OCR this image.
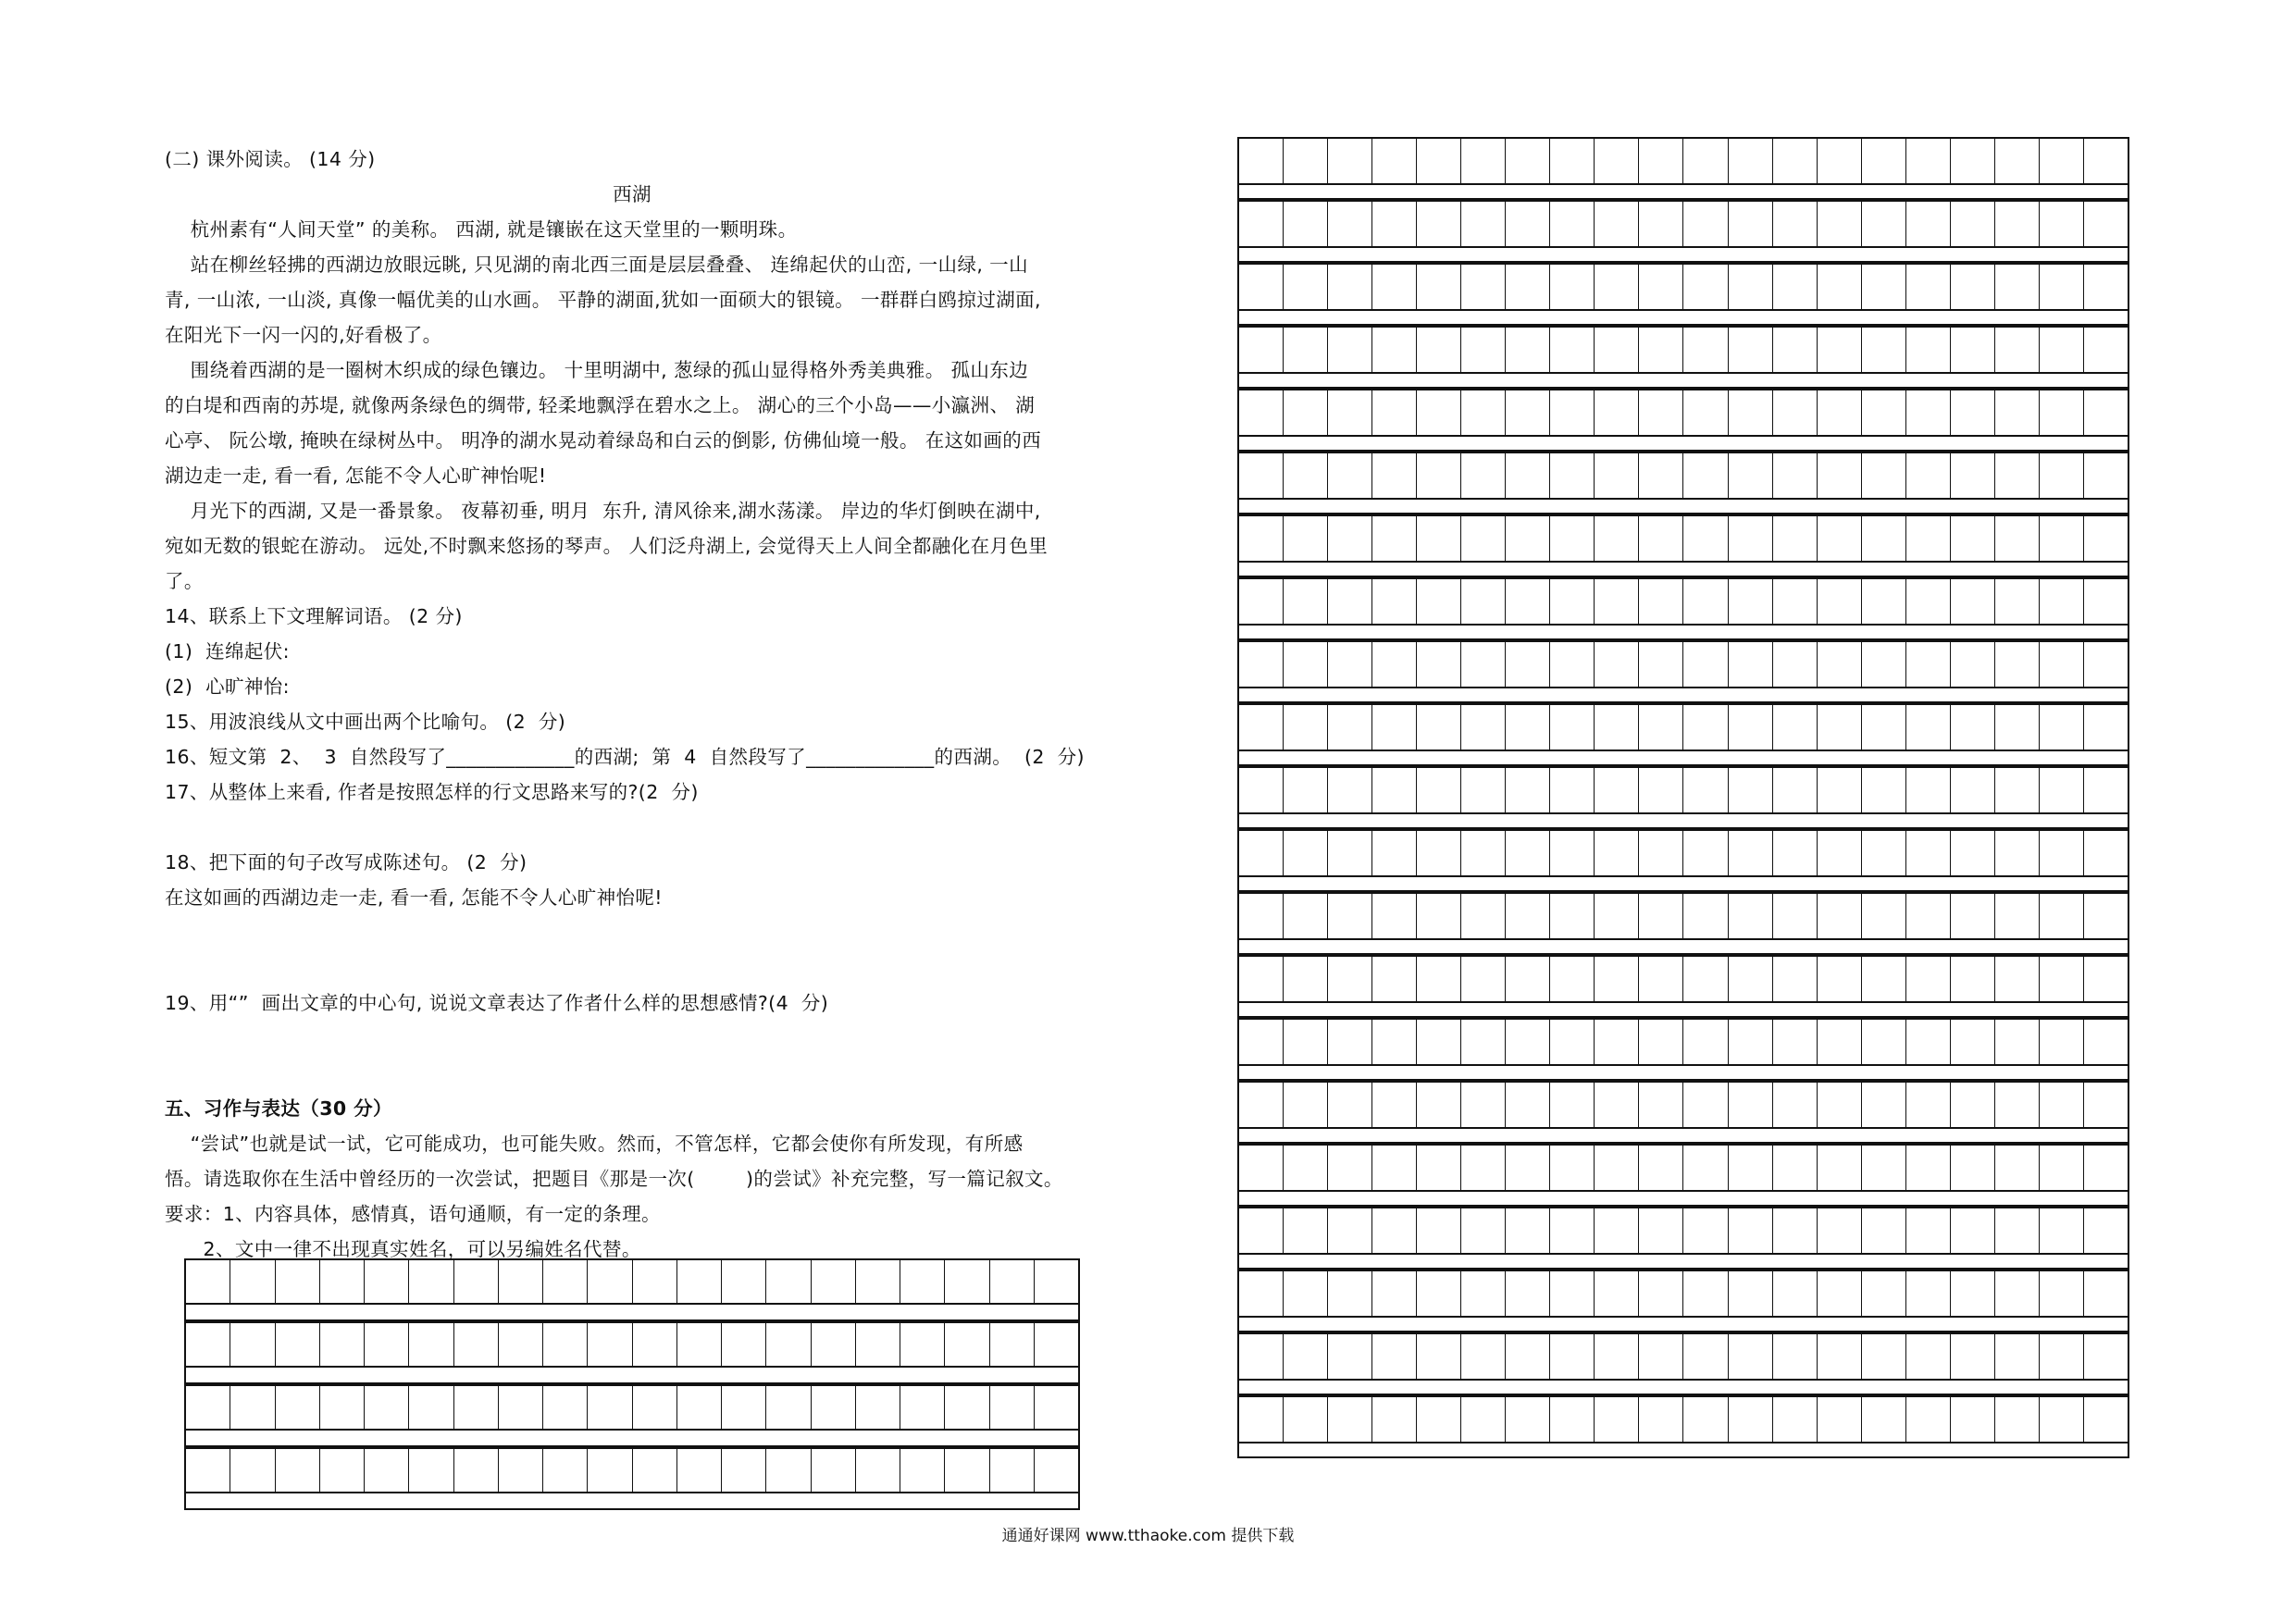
(二) 课外阅读。 (14 分)
西湖
杭州素有“人间天堂” 的美称。 西湖, 就是镶嵌在这天堂里的一颗明珠。
站在柳丝轻拂的西湖边放眼远眺, 只见湖的南北西三面是层层叠叠、 连绵起伏的山峦, 一山绿, 一山
青, 一山浓, 一山淡, 真像一幅优美的山水画。 平静的湖面,犹如一面硕大的银镜。 一群群白鸥掠过湖面,
在阳光下一闪一闪的,好看极了。
围绕着西湖的是一圈树木织成的绿色镶边。 十里明湖中, 葱绿的孤山显得格外秀美典雅。 孤山东边
的白堤和西南的苏堤, 就像两条绿色的绸带, 轻柔地飘浮在碧水之上。 湖心的三个小岛——小瀛洲、 湖
心亭、 阮公墩, 掩映在绿树丛中。 明净的湖水晃动着绿岛和白云的倒影, 仿佛仙境一般。 在这如画的西
湖边走一走, 看一看, 怎能不令人心旷神怡呢!
月光下的西湖, 又是一番景象。 夜幕初垂, 明月  东升, 清风徐来,湖水荡漾。 岸边的华灯倒映在湖中,
宛如无数的银蛇在游动。 远处,不时飘来悠扬的琴声。 人们泛舟湖上, 会觉得天上人间全都融化在月色里
了。
14、联系上下文理解词语。 (2 分)
(1)  连绵起伏:
(2)  心旷神怡:
15、用波浪线从文中画出两个比喻句。 (2  分)
16、短文第  2、  3  自然段写了_____________的西湖;  第  4  自然段写了_____________的西湖。  (2  分)
17、从整体上来看, 作者是按照怎样的行文思路来写的?(2  分)
18、把下面的句子改写成陈述句。 (2  分)
在这如画的西湖边走一走, 看一看, 怎能不令人心旷神怡呢!
19、用“”  画出文章的中心句, 说说文章表达了作者什么样的思想感情?(4  分)
五、习作与表达（30 分）
“尝试”也就是试一试，它可能成功，也可能失败。然而，不管怎样，它都会使你有所发现，有所感
悟。请选取你在生活中曾经历的一次尝试，把题目《那是一次(        )的尝试》补充完整，写一篇记叙文。
要求：1、内容具体，感情真，语句通顺，有一定的条理。
2、文中一律不出现真实姓名，可以另编姓名代替。
通通好课网 www.tthaoke.com 提供下载
